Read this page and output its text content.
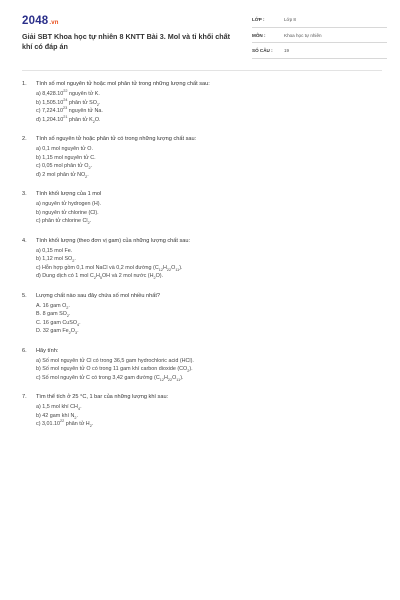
2048.vn
Giải SBT Khoa học tự nhiên 8 KNTT Bài 3. Mol và tỉ khối chất khí có đáp án
LỚP :	Lớp 8
MÔN :	Khoa học tự nhiên
SỐ CÂU :	19
1.	Tính số mol nguyên tử hoặc mol phân tử trong những lượng chất sau:
a) 8,428.10$^{22}$ nguyên tử K.
b) 1,505.10$^{24}$ phân tử $SO_2$.
c) 7,224.10$^{23}$ nguyên tử Na.
d) 1,204.10$^{21}$ phân tử $K_2O$.
2.	Tính số nguyên tử hoặc phân tử có trong những lượng chất sau:
a) 0,1 mol nguyên tử O.
b) 1,15 mol nguyên tử C.
c) 0,05 mol phân tử $O_2$.
d) 2 mol phân tử $NO_2$.
3.	Tính khối lượng của 1 mol
a) nguyên tử hydrogen (H).
b) nguyên tử chlorine (Cl).
c) phân tử chlorine $Cl_2$.
4.	Tính khối lượng (theo đơn vị gam) của những lượng chất sau:
a) 0,15 mol Fe.
b) 1,12 mol $SO_2$.
c) Hỗn hợp gồm 0,1 mol NaCl và 0,2 mol đường $(C_{12}H_{22}O_{11})$.
d) Dung dịch có 1 mol $C_2H_5OH$ và 2 mol nước $(H_2O)$.
5.	Lượng chất nào sau đây chứa số mol nhiều nhất?
A. 16 gam $O_2$.
B. 8 gam $SO_2$.
C. 16 gam CuSO$_4$.
D. 32 gam $Fe_2O_3$.
6.	Hãy tính:
a) Số mol nguyên tử Cl có trong 36,5 gam hydrochloric acid (HCl).
b) Số mol nguyên tử O có trong 11 gam khí carbon dioxide $(CO_2)$.
c) Số mol nguyên tử C có trong 3,42 gam đường $(C_{12}H_{22}O_{11})$.
7.	Tìm thể tích ở 25 °C, 1 bar của những lượng khí sau:
a) 1,5 mol khí $CH_4$.
b) 42 gam khí $N_2$.
c) 3,01.10$^{22}$ phân tử $H_2$.
